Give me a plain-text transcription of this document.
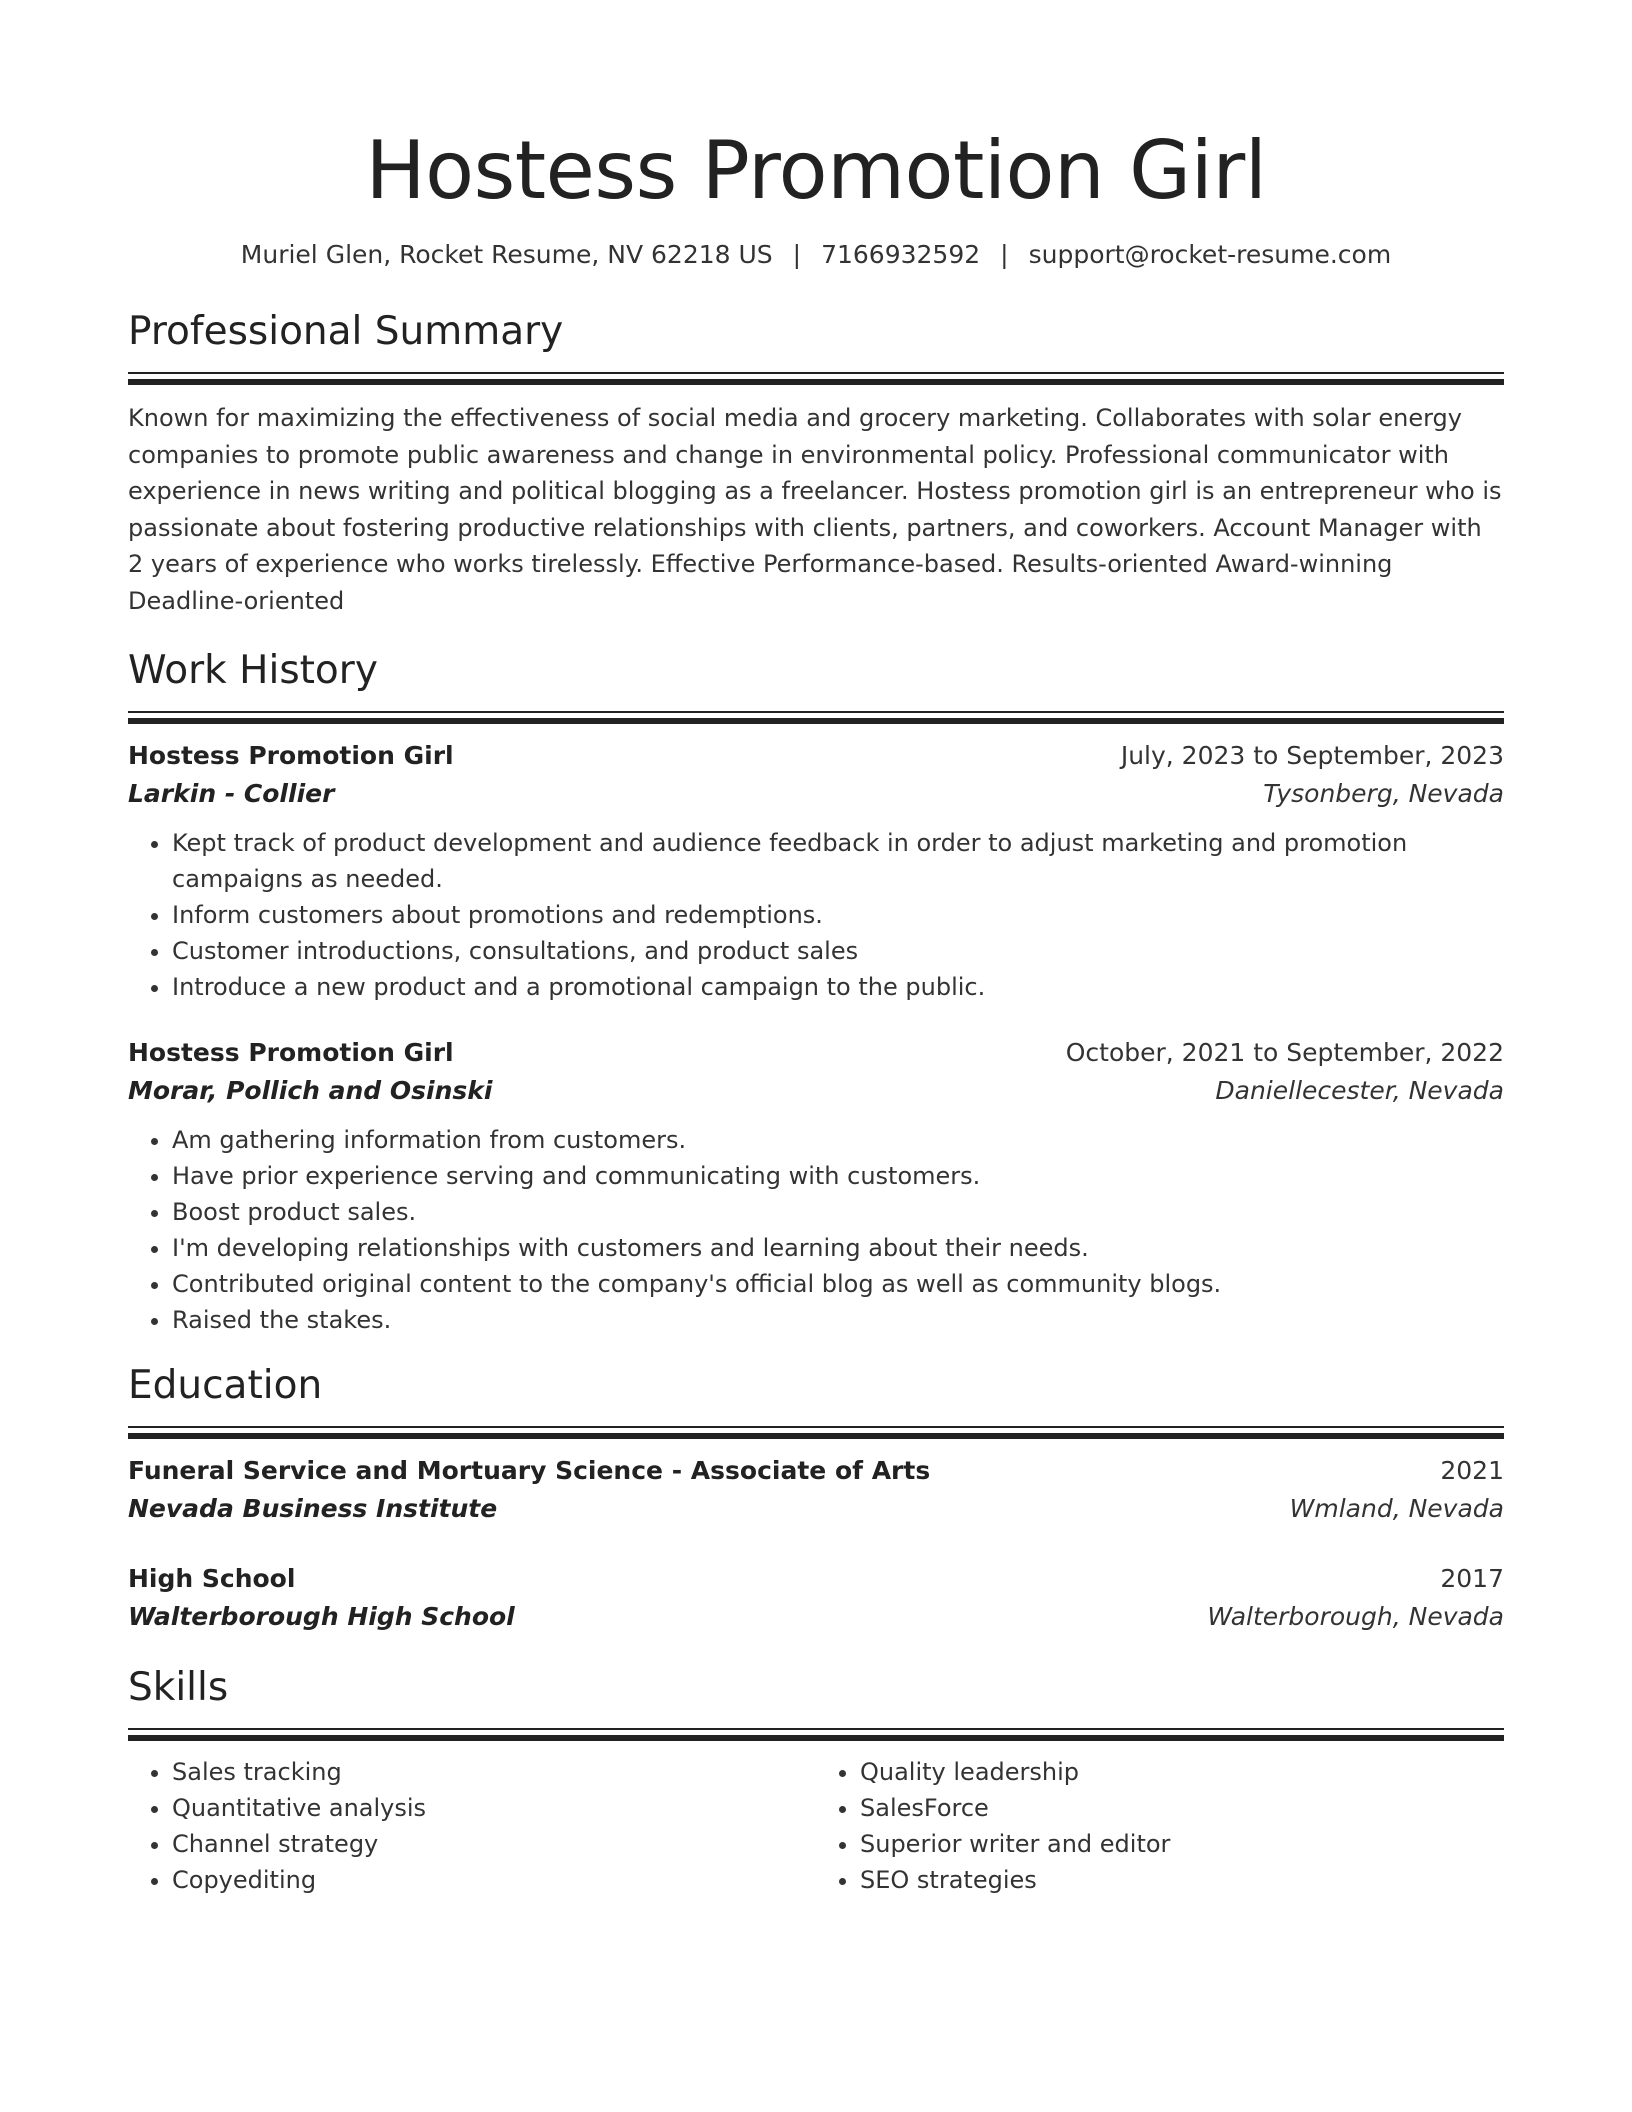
Hostess Promotion Girl
Muriel Glen, Rocket Resume, NV 62218 US | 7166932592 | support@rocket-resume.com
Professional Summary

Known for maximizing the effectiveness of social media and grocery marketing. Collaborates with solar energy companies to promote public awareness and change in environmental policy. Professional communicator with experience in news writing and political blogging as a freelancer. Hostess promotion girl is an entrepreneur who is passionate about fostering productive relationships with clients, partners, and coworkers. Account Manager with 2 years of experience who works tirelessly. Effective Performance-based. Results-oriented Award-winning Deadline-oriented

Work History
Hostess Promotion Girl	July, 2023 to September, 2023
Larkin - Collier	Tysonberg, Nevada
• Kept track of product development and audience feedback in order to adjust marketing and promotion campaigns as needed.
• Inform customers about promotions and redemptions.
• Customer introductions, consultations, and product sales
• Introduce a new product and a promotional campaign to the public.
Hostess Promotion Girl	October, 2021 to September, 2022
Morar, Pollich and Osinski	Daniellecester, Nevada
• Am gathering information from customers.
• Have prior experience serving and communicating with customers.
• Boost product sales.
• I'm developing relationships with customers and learning about their needs.
• Contributed original content to the company's official blog as well as community blogs.
• Raised the stakes.
Education
Funeral Service and Mortuary Science - Associate of Arts	2021
Nevada Business Institute	Wmland, Nevada
High School	2017
Walterborough High School	Walterborough, Nevada
Skills
• Sales tracking
• Quantitative analysis
• Channel strategy
• Copyediting
• Quality leadership
• SalesForce
• Superior writer and editor
• SEO strategies
